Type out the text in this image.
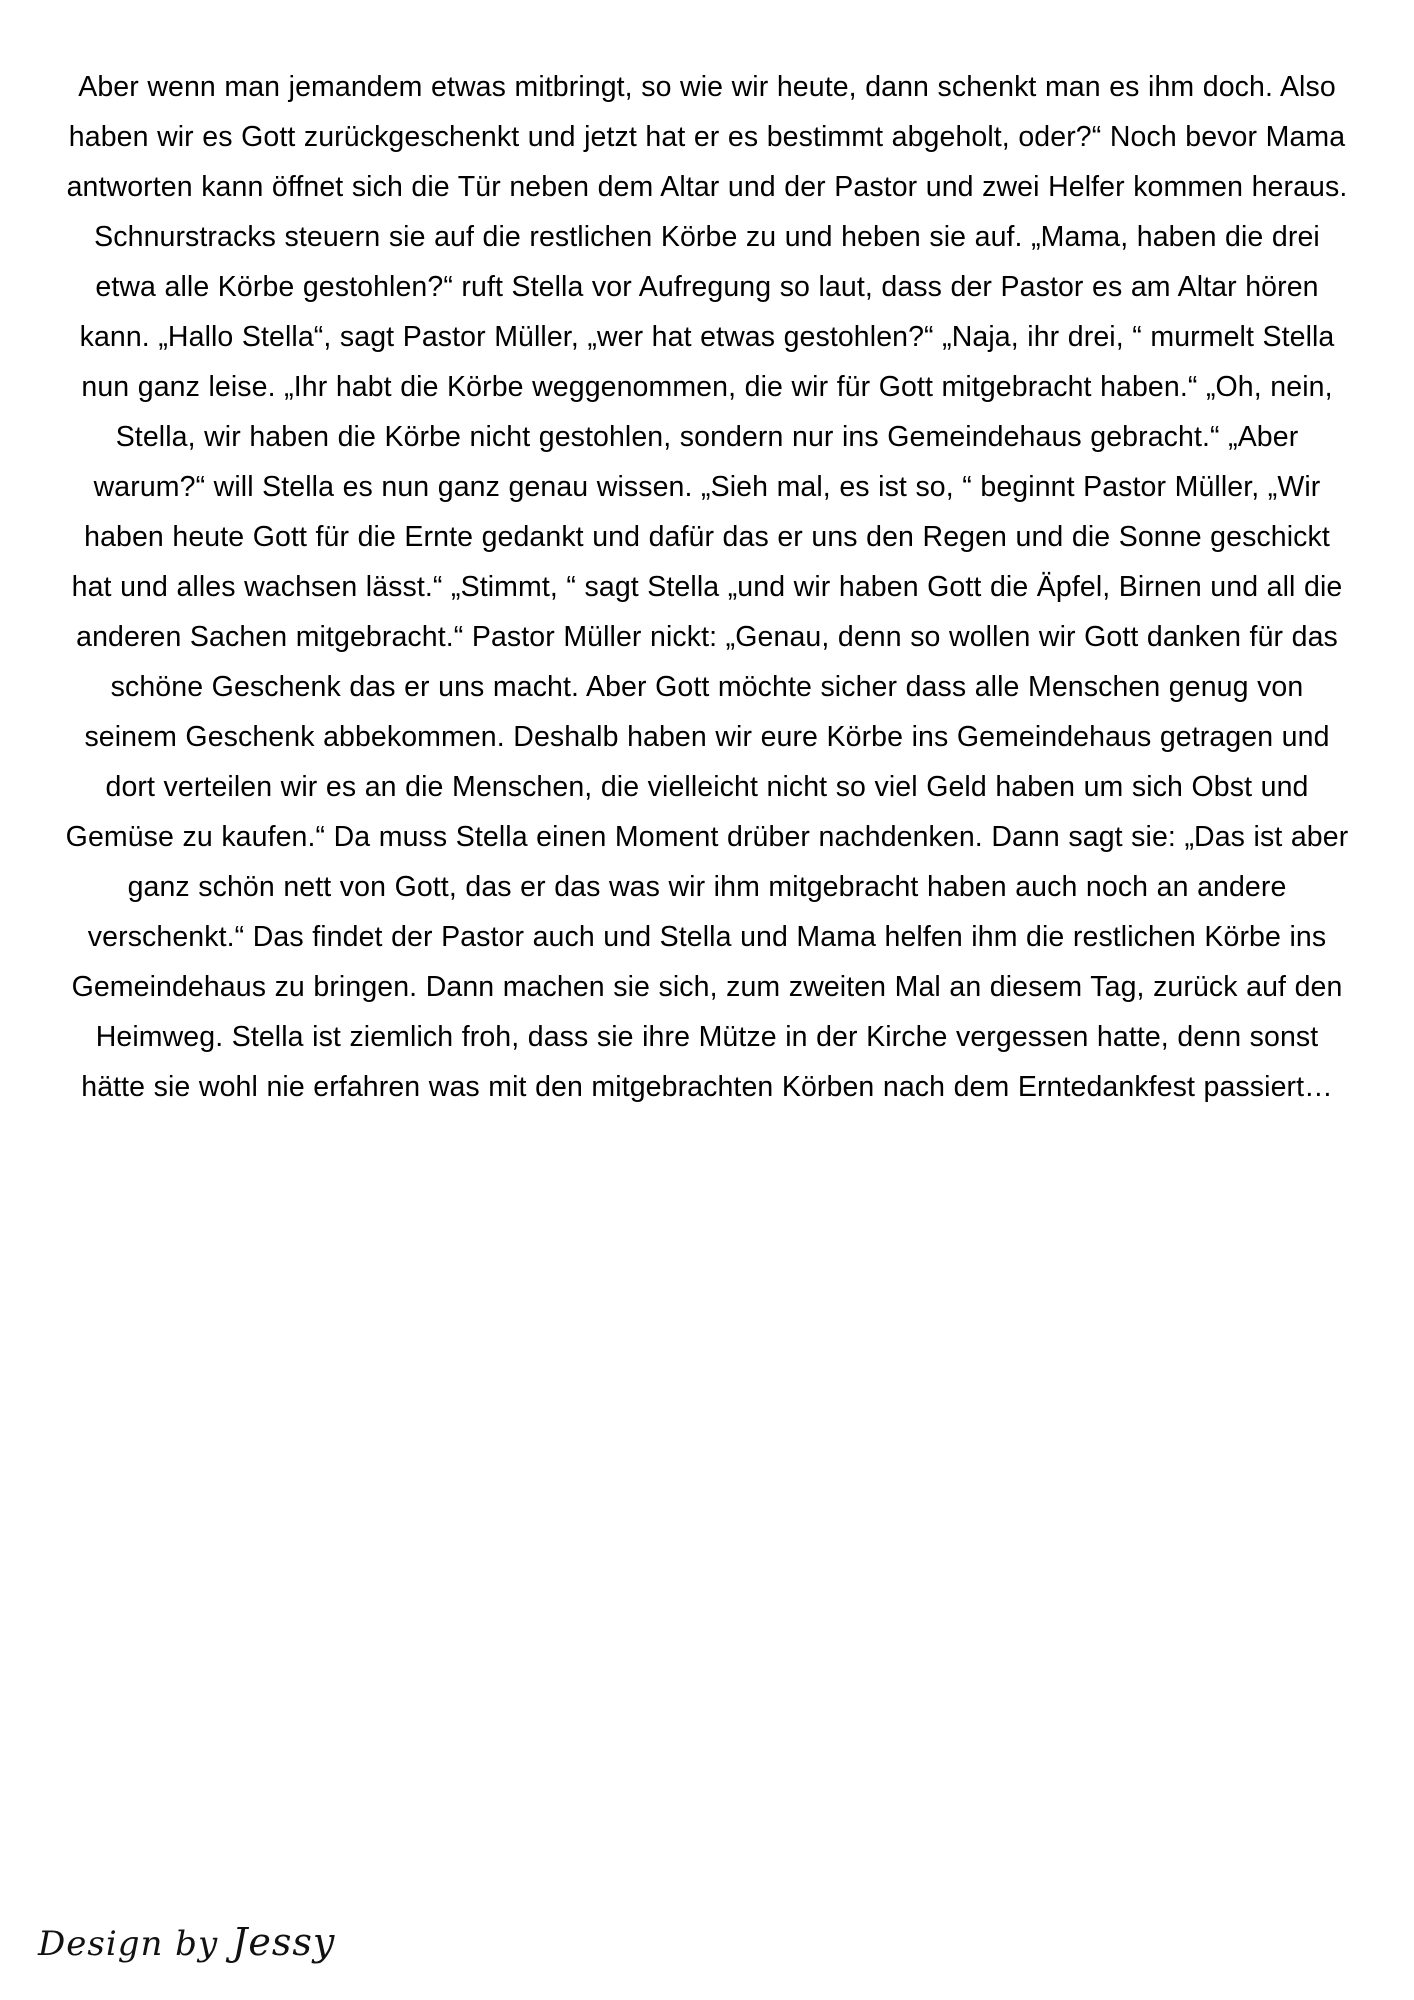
Aber wenn man jemandem etwas mitbringt, so wie wir heute, dann schenkt man es ihm doch. Also haben wir es Gott zurückgeschenkt und jetzt hat er es bestimmt abgeholt, oder?“ Noch bevor Mama antworten kann öffnet sich die Tür neben dem Altar und der Pastor und zwei Helfer kommen heraus. Schnurstracks steuern sie auf die restlichen Körbe zu und heben sie auf. „Mama, haben die drei etwa alle Körbe gestohlen?“ ruft Stella vor Aufregung so laut, dass der Pastor es am Altar hören kann. „Hallo Stella“, sagt Pastor Müller, „wer hat etwas gestohlen?“ „Naja, ihr drei, “ murmelt Stella nun ganz leise. „Ihr habt die Körbe weggenommen, die wir für Gott mitgebracht haben.“ „Oh, nein, Stella, wir haben die Körbe nicht gestohlen, sondern nur ins Gemeindehaus gebracht.“ „Aber warum?“ will Stella es nun ganz genau wissen. „Sieh mal, es ist so, “ beginnt Pastor Müller, „Wir haben heute Gott für die Ernte gedankt und dafür das er uns den Regen und die Sonne geschickt hat und alles wachsen lässt.“ „Stimmt, “ sagt Stella „und wir haben Gott die Äpfel, Birnen und all die anderen Sachen mitgebracht.“ Pastor Müller nickt: „Genau, denn so wollen wir Gott danken für das schöne Geschenk das er uns macht. Aber Gott möchte sicher dass alle Menschen genug von seinem Geschenk abbekommen. Deshalb haben wir eure Körbe ins Gemeindehaus getragen und dort verteilen wir es an die Menschen, die vielleicht nicht so viel Geld haben um sich Obst und Gemüse zu kaufen.“ Da muss Stella einen Moment drüber nachdenken. Dann sagt sie: „Das ist aber ganz schön nett von Gott, das er das was wir ihm mitgebracht haben auch noch an andere verschenkt.“ Das findet der Pastor auch und Stella und Mama helfen ihm die restlichen Körbe ins Gemeindehaus zu bringen. Dann machen sie sich, zum zweiten Mal an diesem Tag, zurück auf den Heimweg. Stella ist ziemlich froh, dass sie ihre Mütze in der Kirche vergessen hatte, denn sonst hätte sie wohl nie erfahren was mit den mitgebrachten Körben nach dem Erntedankfest passiert…
Design by Jessy
